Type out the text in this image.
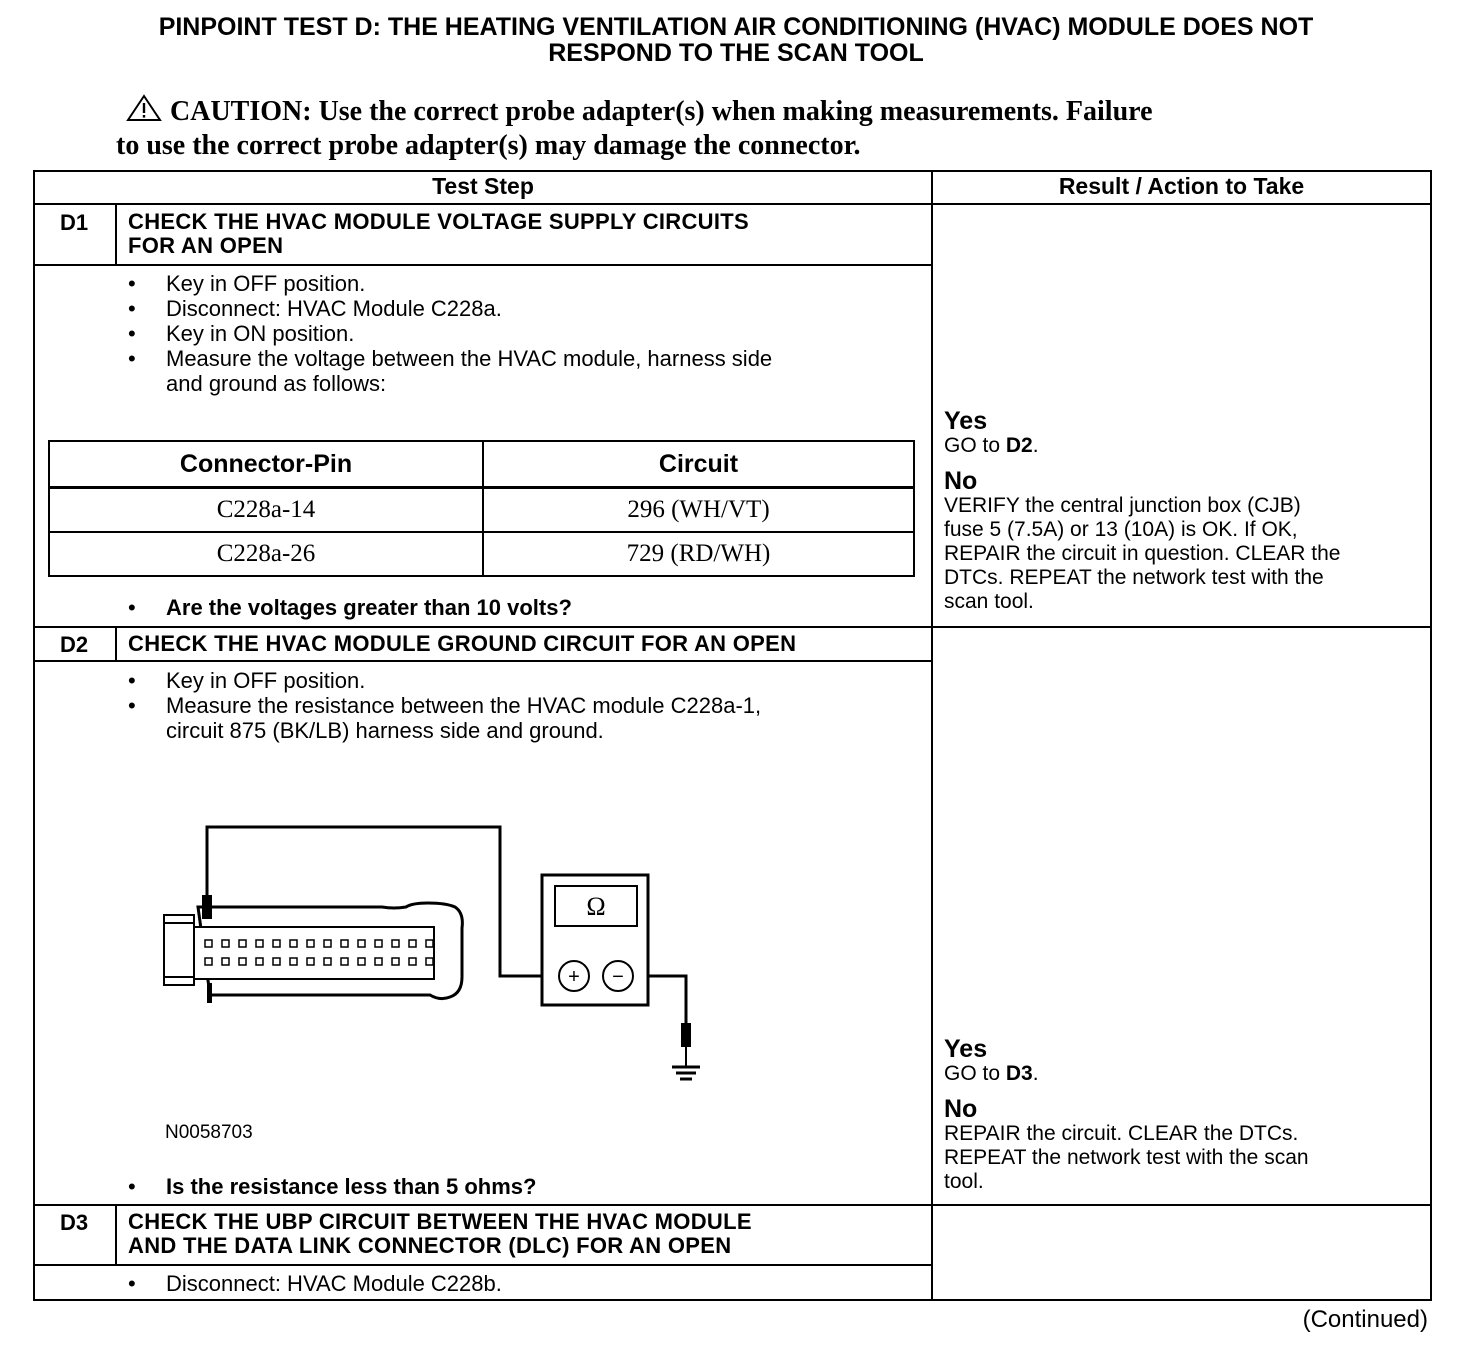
PINPOINT TEST D: THE HEATING VENTILATION AIR CONDITIONING (HVAC) MODULE DOES NOT
RESPOND TO THE SCAN TOOL
CAUTION: Use the correct probe adapter(s) when making measurements. Failure
to use the correct probe adapter(s) may damage the connector.
Test Step	Result / Action to Take
D1	CHECK THE HVAC MODULE VOLTAGE SUPPLY CIRCUITS
FOR AN OPEN
• Key in OFF position.
• Disconnect: HVAC Module C228a.
• Key in ON position.
• Measure the voltage between the HVAC module, harness side
and ground as follows:
Connector-Pin	Circuit
C228a-14	296 (WH/VT)
C228a-26	729 (RD/WH)
• Are the voltages greater than 10 volts?
Yes
GO to D2.
No
VERIFY the central junction box (CJB)
fuse 5 (7.5A) or 13 (10A) is OK. If OK,
REPAIR the circuit in question. CLEAR the
DTCs. REPEAT the network test with the
scan tool.
D2	CHECK THE HVAC MODULE GROUND CIRCUIT FOR AN OPEN
• Key in OFF position.
• Measure the resistance between the HVAC module C228a-1,
circuit 875 (BK/LB) harness side and ground.
Ω
+ −
N0058703
• Is the resistance less than 5 ohms?
Yes
GO to D3.
No
REPAIR the circuit. CLEAR the DTCs.
REPEAT the network test with the scan
tool.
D3	CHECK THE UBP CIRCUIT BETWEEN THE HVAC MODULE
AND THE DATA LINK CONNECTOR (DLC) FOR AN OPEN
• Disconnect: HVAC Module C228b.
(Continued)
